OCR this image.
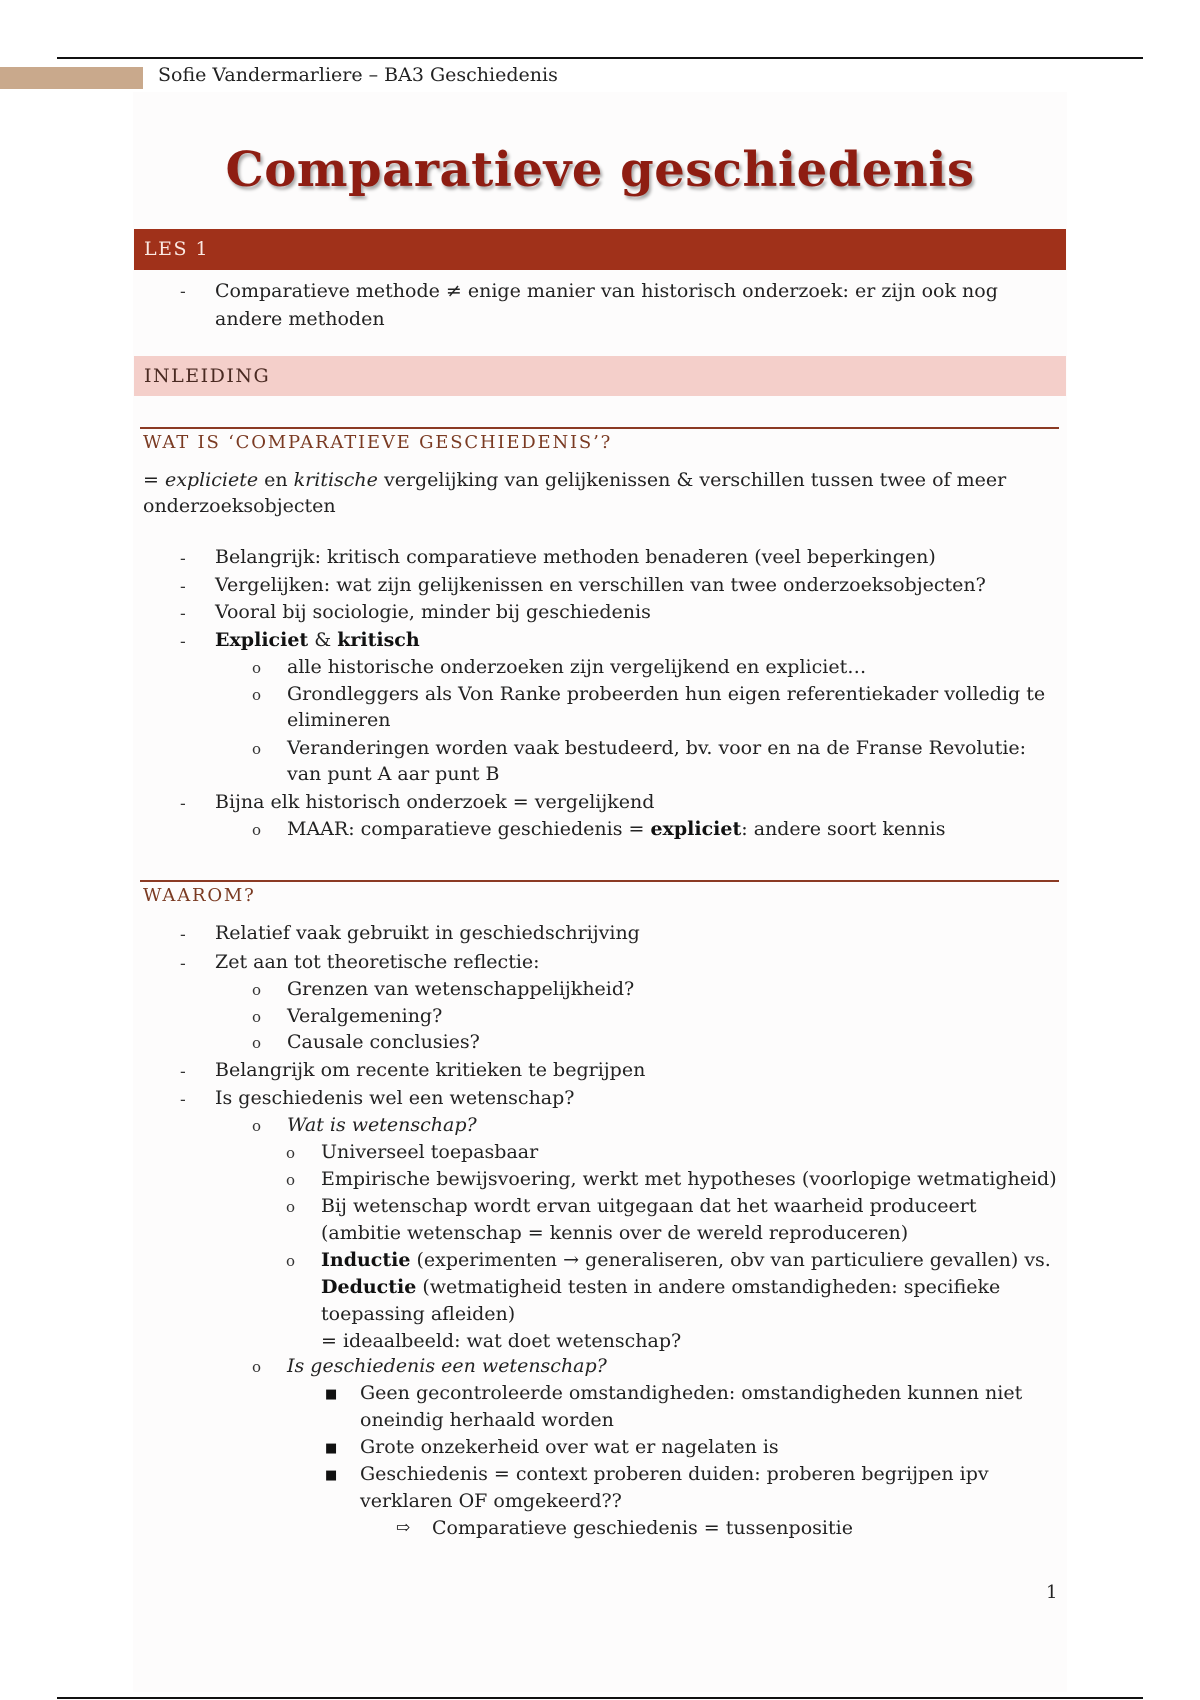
Sofie Vandermarliere – BA3 Geschiedenis
Comparatieve geschiedenis
LES 1
- Comparatieve methode ≠ enige manier van historisch onderzoek: er zijn ook nog
andere methoden
INLEIDING
WAT IS ‘COMPARATIEVE GESCHIEDENIS’?
= expliciete en kritische vergelijking van gelijkenissen & verschillen tussen twee of meer
onderzoeksobjecten
- Belangrijk: kritisch comparatieve methoden benaderen (veel beperkingen)
- Vergelijken: wat zijn gelijkenissen en verschillen van twee onderzoeksobjecten?
- Vooral bij sociologie, minder bij geschiedenis
- Expliciet & kritisch
o alle historische onderzoeken zijn vergelijkend en expliciet…
o Grondleggers als Von Ranke probeerden hun eigen referentiekader volledig te
elimineren
o Veranderingen worden vaak bestudeerd, bv. voor en na de Franse Revolutie:
van punt A aar punt B
- Bijna elk historisch onderzoek = vergelijkend
o MAAR: comparatieve geschiedenis = expliciet: andere soort kennis
WAAROM?
- Relatief vaak gebruikt in geschiedschrijving
- Zet aan tot theoretische reflectie:
o Grenzen van wetenschappelijkheid?
o Veralgemening?
o Causale conclusies?
- Belangrijk om recente kritieken te begrijpen
- Is geschiedenis wel een wetenschap?
o Wat is wetenschap?
o Universeel toepasbaar
o Empirische bewijsvoering, werkt met hypotheses (voorlopige wetmatigheid)
o Bij wetenschap wordt ervan uitgegaan dat het waarheid produceert
(ambitie wetenschap = kennis over de wereld reproduceren)
o Inductie (experimenten → generaliseren, obv van particuliere gevallen) vs.
Deductie (wetmatigheid testen in andere omstandigheden: specifieke
toepassing afleiden)
= ideaalbeeld: wat doet wetenschap?
o Is geschiedenis een wetenschap?
■ Geen gecontroleerde omstandigheden: omstandigheden kunnen niet
oneindig herhaald worden
■ Grote onzekerheid over wat er nagelaten is
■ Geschiedenis = context proberen duiden: proberen begrijpen ipv
verklaren OF omgekeerd??
⇨ Comparatieve geschiedenis = tussenpositie
1
